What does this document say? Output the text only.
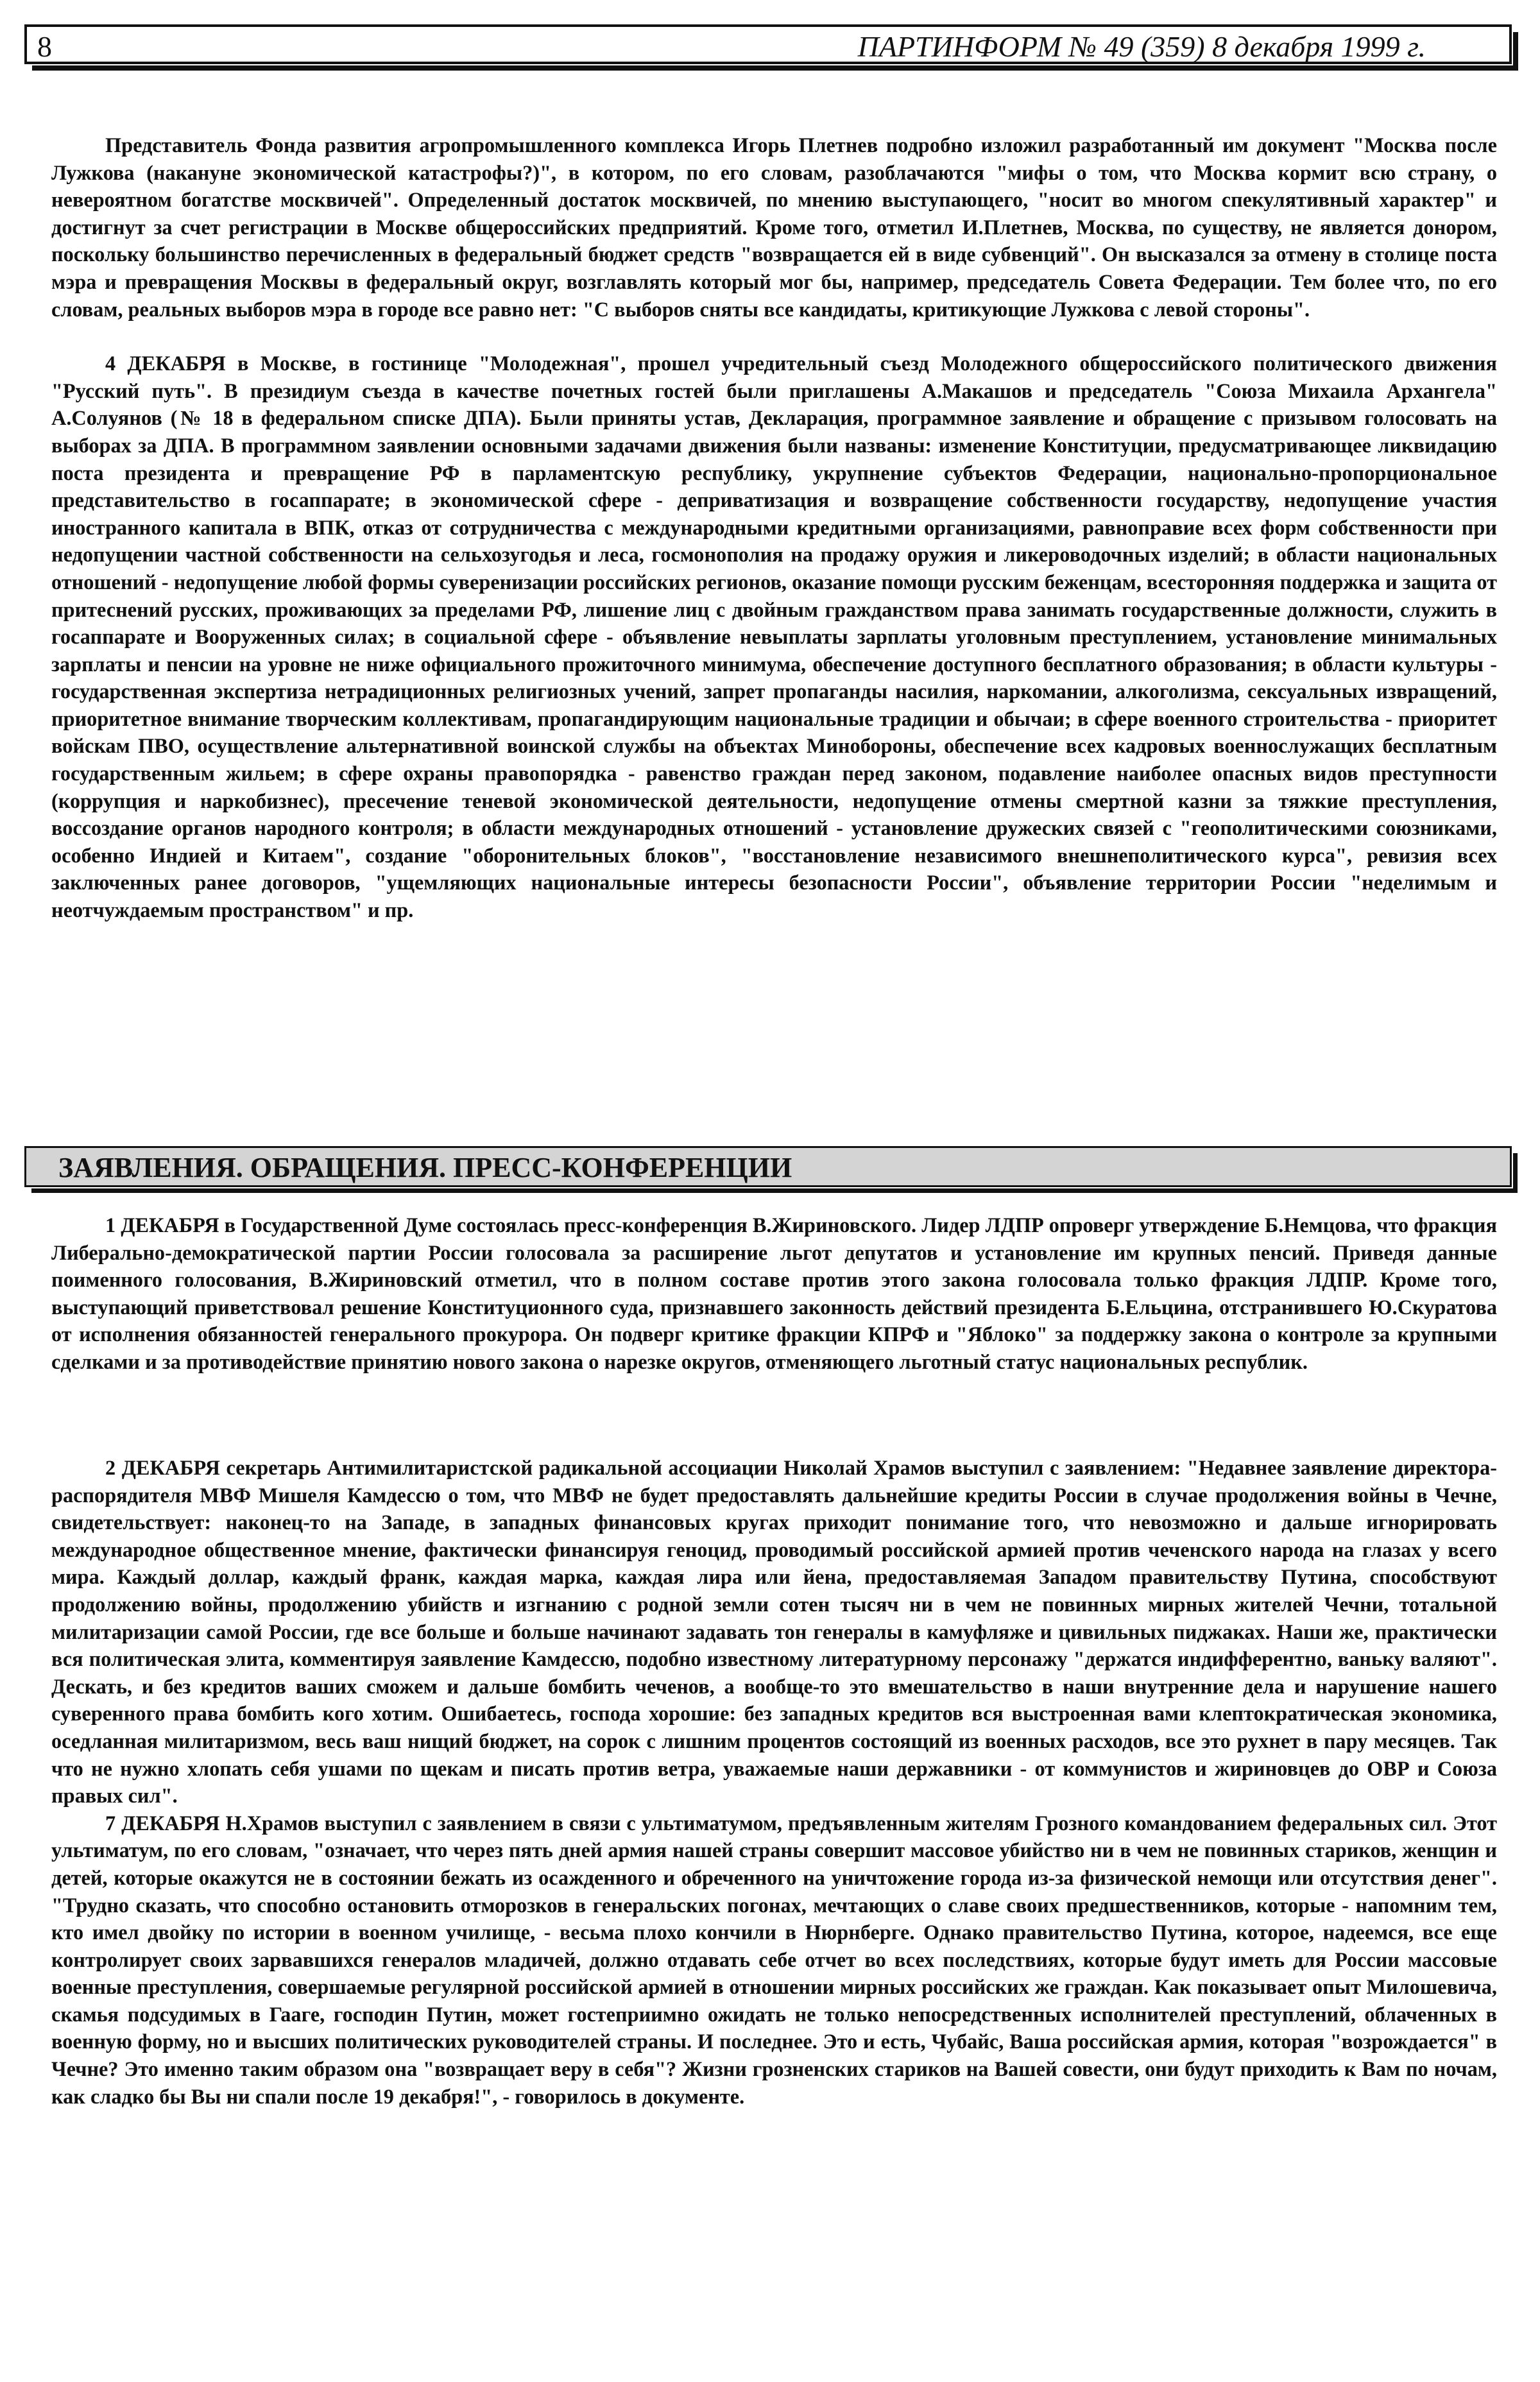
8	ПАРТИНФОРМ № 49 (359) 8 декабря 1999 г.

Представитель Фонда развития агропромышленного комплекса Игорь Плетнев подробно изложил разработанный им документ "Москва после Лужкова (накануне экономической катастрофы?)", в котором, по его словам, разоблачаются "мифы о том, что Москва кормит всю страну, о невероятном богатстве москвичей". Определенный достаток москвичей, по мнению выступающего, "носит во многом спекулятивный характер" и достигнут за счет регистрации в Москве общероссийских предприятий. Кроме того, отметил И.Плетнев, Москва, по существу, не является донором, поскольку большинство перечисленных в федеральный бюджет средств "возвращается ей в виде субвенций". Он высказался за отмену в столице поста мэра и превращения Москвы в федеральный округ, возглавлять который мог бы, например, председатель Совета Федерации. Тем более что, по его словам, реальных выборов мэра в городе все равно нет: "С выборов сняты все кандидаты, критикующие Лужкова с левой стороны".

4 ДЕКАБРЯ в Москве, в гостинице "Молодежная", прошел учредительный съезд Молодежного общероссийского политического движения "Русский путь". В президиум съезда в качестве почетных гостей были приглашены А.Макашов и председатель "Союза Михаила Архангела" А.Солуянов (№ 18 в федеральном списке ДПА). Были приняты устав, Декларация, программное заявление и обращение с призывом голосовать на выборах за ДПА. В программном заявлении основными задачами движения были названы: изменение Конституции, предусматривающее ликвидацию поста президента и превращение РФ в парламентскую республику, укрупнение субъектов Федерации, национально-пропорциональное представительство в госаппарате; в экономической сфере - деприватизация и возвращение собственности государству, недопущение участия иностранного капитала в ВПК, отказ от сотрудничества с международными кредитными организациями, равноправие всех форм собственности при недопущении частной собственности на сельхозугодья и леса, госмонополия на продажу оружия и ликероводочных изделий; в области национальных отношений - недопущение любой формы суверенизации российских регионов, оказание помощи русским беженцам, всесторонняя поддержка и защита от притеснений русских, проживающих за пределами РФ, лишение лиц с двойным гражданством права занимать государственные должности, служить в госаппарате и Вооруженных силах; в социальной сфере - объявление невыплаты зарплаты уголовным преступлением, установление минимальных зарплаты и пенсии на уровне не ниже официального прожиточного минимума, обеспечение доступного бесплатного образования; в области культуры - государственная экспертиза нетрадиционных религиозных учений, запрет пропаганды насилия, наркомании, алкоголизма, сексуальных извращений, приоритетное внимание творческим коллективам, пропагандирующим национальные традиции и обычаи; в сфере военного строительства - приоритет войскам ПВО, осуществление альтернативной воинской службы на объектах Минобороны, обеспечение всех кадровых военнослужащих бесплатным государственным жильем; в сфере охраны правопорядка - равенство граждан перед законом, подавление наиболее опасных видов преступности (коррупция и наркобизнес), пресечение теневой экономической деятельности, недопущение отмены смертной казни за тяжкие преступления, воссоздание органов народного контроля; в области международных отношений - установление дружеских связей с "геополитическими союзниками, особенно Индией и Китаем", создание "оборонительных блоков", "восстановление независимого внешнеполитического курса", ревизия всех заключенных ранее договоров, "ущемляющих национальные интересы безопасности России", объявление территории России "неделимым и неотчуждаемым пространством" и пр.

ЗАЯВЛЕНИЯ. ОБРАЩЕНИЯ. ПРЕСС-КОНФЕРЕНЦИИ

1 ДЕКАБРЯ в Государственной Думе состоялась пресс-конференция В.Жириновского. Лидер ЛДПР опроверг утверждение Б.Немцова, что фракция Либерально-демократической партии России голосовала за расширение льгот депутатов и установление им крупных пенсий. Приведя данные поименного голосования, В.Жириновский отметил, что в полном составе против этого закона голосовала только фракция ЛДПР. Кроме того, выступающий приветствовал решение Конституционного суда, признавшего законность действий президента Б.Ельцина, отстранившего Ю.Скуратова от исполнения обязанностей генерального прокурора. Он подверг критике фракции КПРФ и "Яблоко" за поддержку закона о контроле за крупными сделками и за противодействие принятию нового закона о нарезке округов, отменяющего льготный статус национальных республик.

2 ДЕКАБРЯ секретарь Антимилитаристской радикальной ассоциации Николай Храмов выступил с заявлением: "Недавнее заявление директора-распорядителя МВФ Мишеля Камдессю о том, что МВФ не будет предоставлять дальнейшие кредиты России в случае продолжения войны в Чечне, свидетельствует: наконец-то на Западе, в западных финансовых кругах приходит понимание того, что невозможно и дальше игнорировать международное общественное мнение, фактически финансируя геноцид, проводимый российской армией против чеченского народа на глазах у всего мира. Каждый доллар, каждый франк, каждая марка, каждая лира или йена, предоставляемая Западом правительству Путина, способствуют продолжению войны, продолжению убийств и изгнанию с родной земли сотен тысяч ни в чем не повинных мирных жителей Чечни, тотальной милитаризации самой России, где все больше и больше начинают задавать тон генералы в камуфляже и цивильных пиджаках. Наши же, практически вся политическая элита, комментируя заявление Камдессю, подобно известному литературному персонажу "держатся индифферентно, ваньку валяют". Дескать, и без кредитов ваших сможем и дальше бомбить чеченов, а вообще-то это вмешательство в наши внутренние дела и нарушение нашего суверенного права бомбить кого хотим. Ошибаетесь, господа хорошие: без западных кредитов вся выстроенная вами клептократическая экономика, оседланная милитаризмом, весь ваш нищий бюджет, на сорок с лишним процентов состоящий из военных расходов, все это рухнет в пару месяцев. Так что не нужно хлопать себя ушами по щекам и писать против ветра, уважаемые наши державники - от коммунистов и жириновцев до ОВР и Союза правых сил".

7 ДЕКАБРЯ Н.Храмов выступил с заявлением в связи с ультиматумом, предъявленным жителям Грозного командованием федеральных сил. Этот ультиматум, по его словам, "означает, что через пять дней армия нашей страны совершит массовое убийство ни в чем не повинных стариков, женщин и детей, которые окажутся не в состоянии бежать из осажденного и обреченного на уничтожение города из-за физической немощи или отсутствия денег". "Трудно сказать, что способно остановить отморозков в генеральских погонах, мечтающих о славе своих предшественников, которые - напомним тем, кто имел двойку по истории в военном училище, - весьма плохо кончили в Нюрнберге. Однако правительство Путина, которое, надеемся, все еще контролирует своих зарвавшихся генералов младичей, должно отдавать себе отчет во всех последствиях, которые будут иметь для России массовые военные преступления, совершаемые регулярной российской армией в отношении мирных российских же граждан. Как показывает опыт Милошевича, скамья подсудимых в Гааге, господин Путин, может гостеприимно ожидать не только непосредственных исполнителей преступлений, облаченных в военную форму, но и высших политических руководителей страны. И последнее. Это и есть, Чубайс, Ваша российская армия, которая "возрождается" в Чечне? Это именно таким образом она "возвращает веру в себя"? Жизни грозненских стариков на Вашей совести, они будут приходить к Вам по ночам, как сладко бы Вы ни спали после 19 декабря!", - говорилось в документе.
